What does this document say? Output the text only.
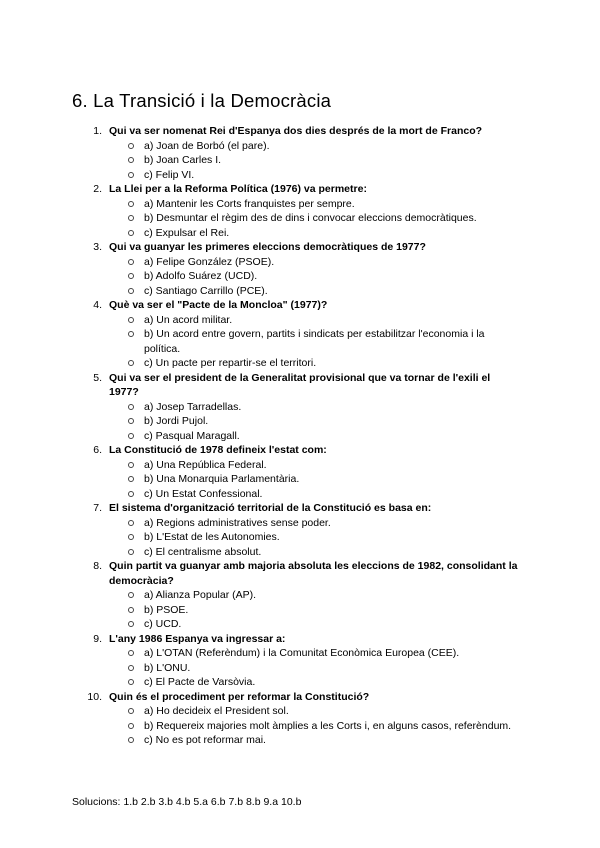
6. La Transició i la Democràcia
1. Qui va ser nomenat Rei d'Espanya dos dies després de la mort de Franco?
a) Joan de Borbó (el pare).
b) Joan Carles I.
c) Felip VI.
2. La Llei per a la Reforma Política (1976) va permetre:
a) Mantenir les Corts franquistes per sempre.
b) Desmuntar el règim des de dins i convocar eleccions democràtiques.
c) Expulsar el Rei.
3. Qui va guanyar les primeres eleccions democràtiques de 1977?
a) Felipe González (PSOE).
b) Adolfo Suárez (UCD).
c) Santiago Carrillo (PCE).
4. Què va ser el "Pacte de la Moncloa" (1977)?
a) Un acord militar.
b) Un acord entre govern, partits i sindicats per estabilitzar l'economia i la política.
c) Un pacte per repartir-se el territori.
5. Qui va ser el president de la Generalitat provisional que va tornar de l'exili el 1977?
a) Josep Tarradellas.
b) Jordi Pujol.
c) Pasqual Maragall.
6. La Constitució de 1978 defineix l'estat com:
a) Una República Federal.
b) Una Monarquia Parlamentària.
c) Un Estat Confessional.
7. El sistema d'organització territorial de la Constitució es basa en:
a) Regions administratives sense poder.
b) L'Estat de les Autonomies.
c) El centralisme absolut.
8. Quin partit va guanyar amb majoria absoluta les eleccions de 1982, consolidant la democràcia?
a) Alianza Popular (AP).
b) PSOE.
c) UCD.
9. L'any 1986 Espanya va ingressar a:
a) L'OTAN (Referèndum) i la Comunitat Econòmica Europea (CEE).
b) L'ONU.
c) El Pacte de Varsòvia.
10. Quin és el procediment per reformar la Constitució?
a) Ho decideix el President sol.
b) Requereix majories molt àmplies a les Corts i, en alguns casos, referèndum.
c) No es pot reformar mai.
Solucions: 1.b 2.b 3.b 4.b 5.a 6.b 7.b 8.b 9.a 10.b
